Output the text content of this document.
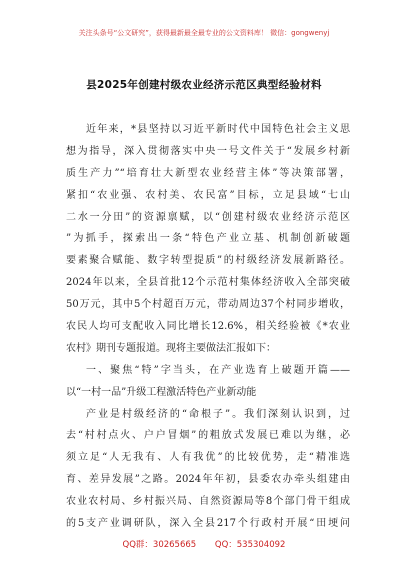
关注头条号“公文研究”，获得最新最全最专业的公文资料库！ 微信：gongwenyj
县2025年创建村级农业经济示范区典型经验材料
近年来，*县坚持以习近平新时代中国特色社会主义思
想为指导，深入贯彻落实中央一号文件关于“发展乡村新
质生产力”“培育壮大新型农业经营主体”等决策部署，
紧扣“农业强、农村美、农民富”目标，立足县域“七山
二水一分田”的资源禀赋，以“创建村级农业经济示范区
”为抓手，探索出一条“特色产业立基、机制创新破题
要素聚合赋能、数字转型提质”的村级经济发展新路径。
2024年以来，全县首批12个示范村集体经济收入全部突破
50万元，其中5个村超百万元，带动周边37个村同步增收，
农民人均可支配收入同比增长12.6%，相关经验被《*农业
农村》期刊专题报道。现将主要做法汇报如下：
一、聚焦“特”字当头，在产业选育上破题开篇——
以“一村一品”升级工程激活特色产业新动能
产业是村级经济的“命根子”。我们深刻认识到，过
去“村村点火、户户冒烟”的粗放式发展已难以为继，必
须立足“人无我有、人有我优”的比较优势，走“精准选
育、差异发展”之路。2024年年初，县委农办牵头组建由
农业农村局、乡村振兴局、自然资源局等8个部门骨干组成
的5支产业调研队，深入全县217个行政村开展“田埂问
QQ群：30265665 QQ：535304092
